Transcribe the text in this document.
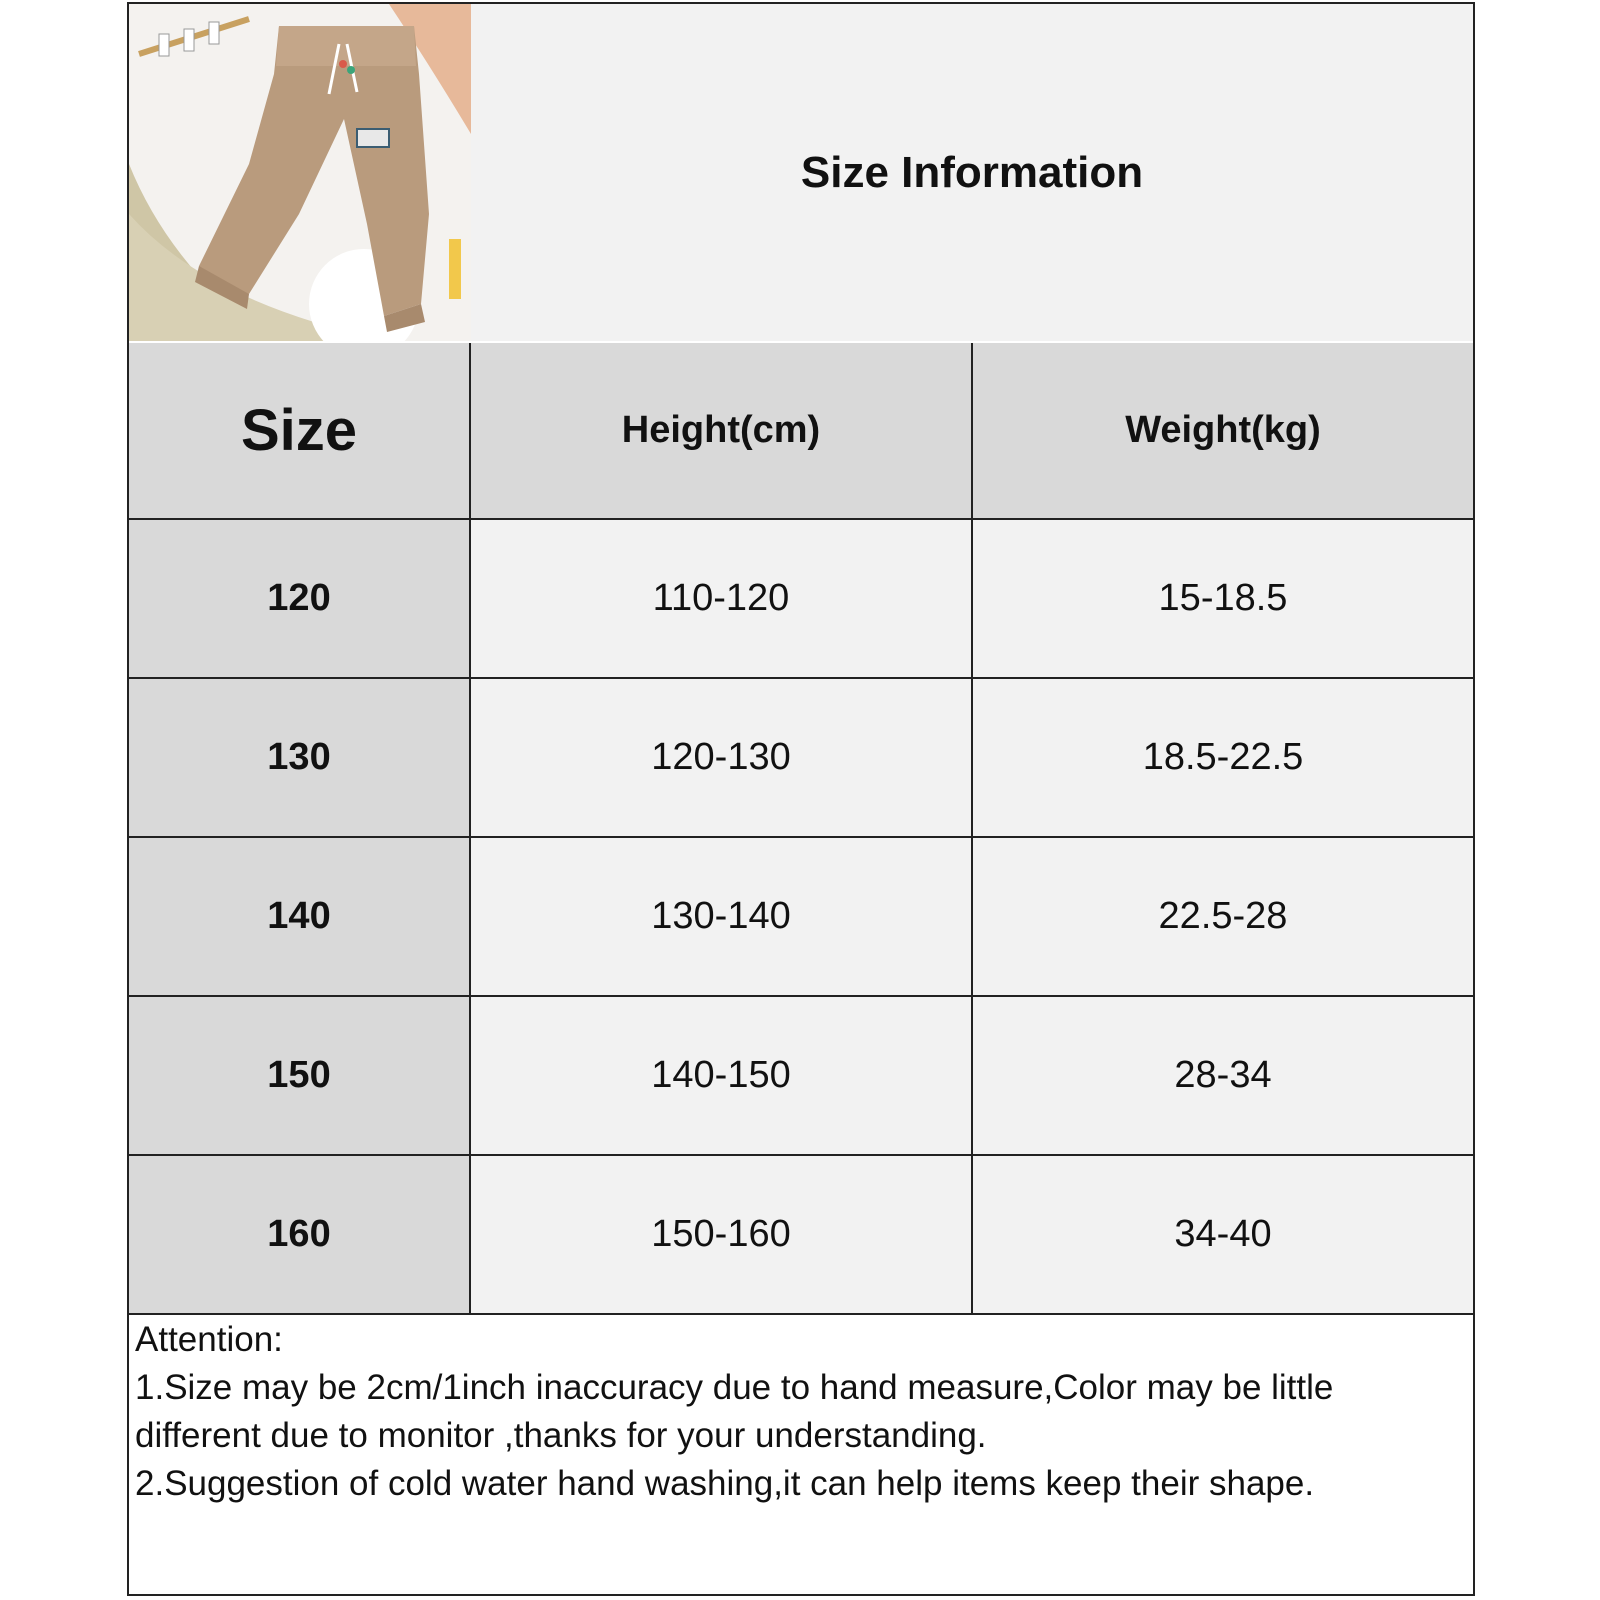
Size Information
Size	Height(cm)	Weight(kg)
120	110-120	15-18.5
130	120-130	18.5-22.5
140	130-140	22.5-28
150	140-150	28-34
160	150-160	34-40
Attention:
1.Size may be 2cm/1inch inaccuracy due to hand measure,Color may be little
different due to monitor ,thanks for your understanding.
2.Suggestion of cold water hand washing,it can help items keep their shape.
